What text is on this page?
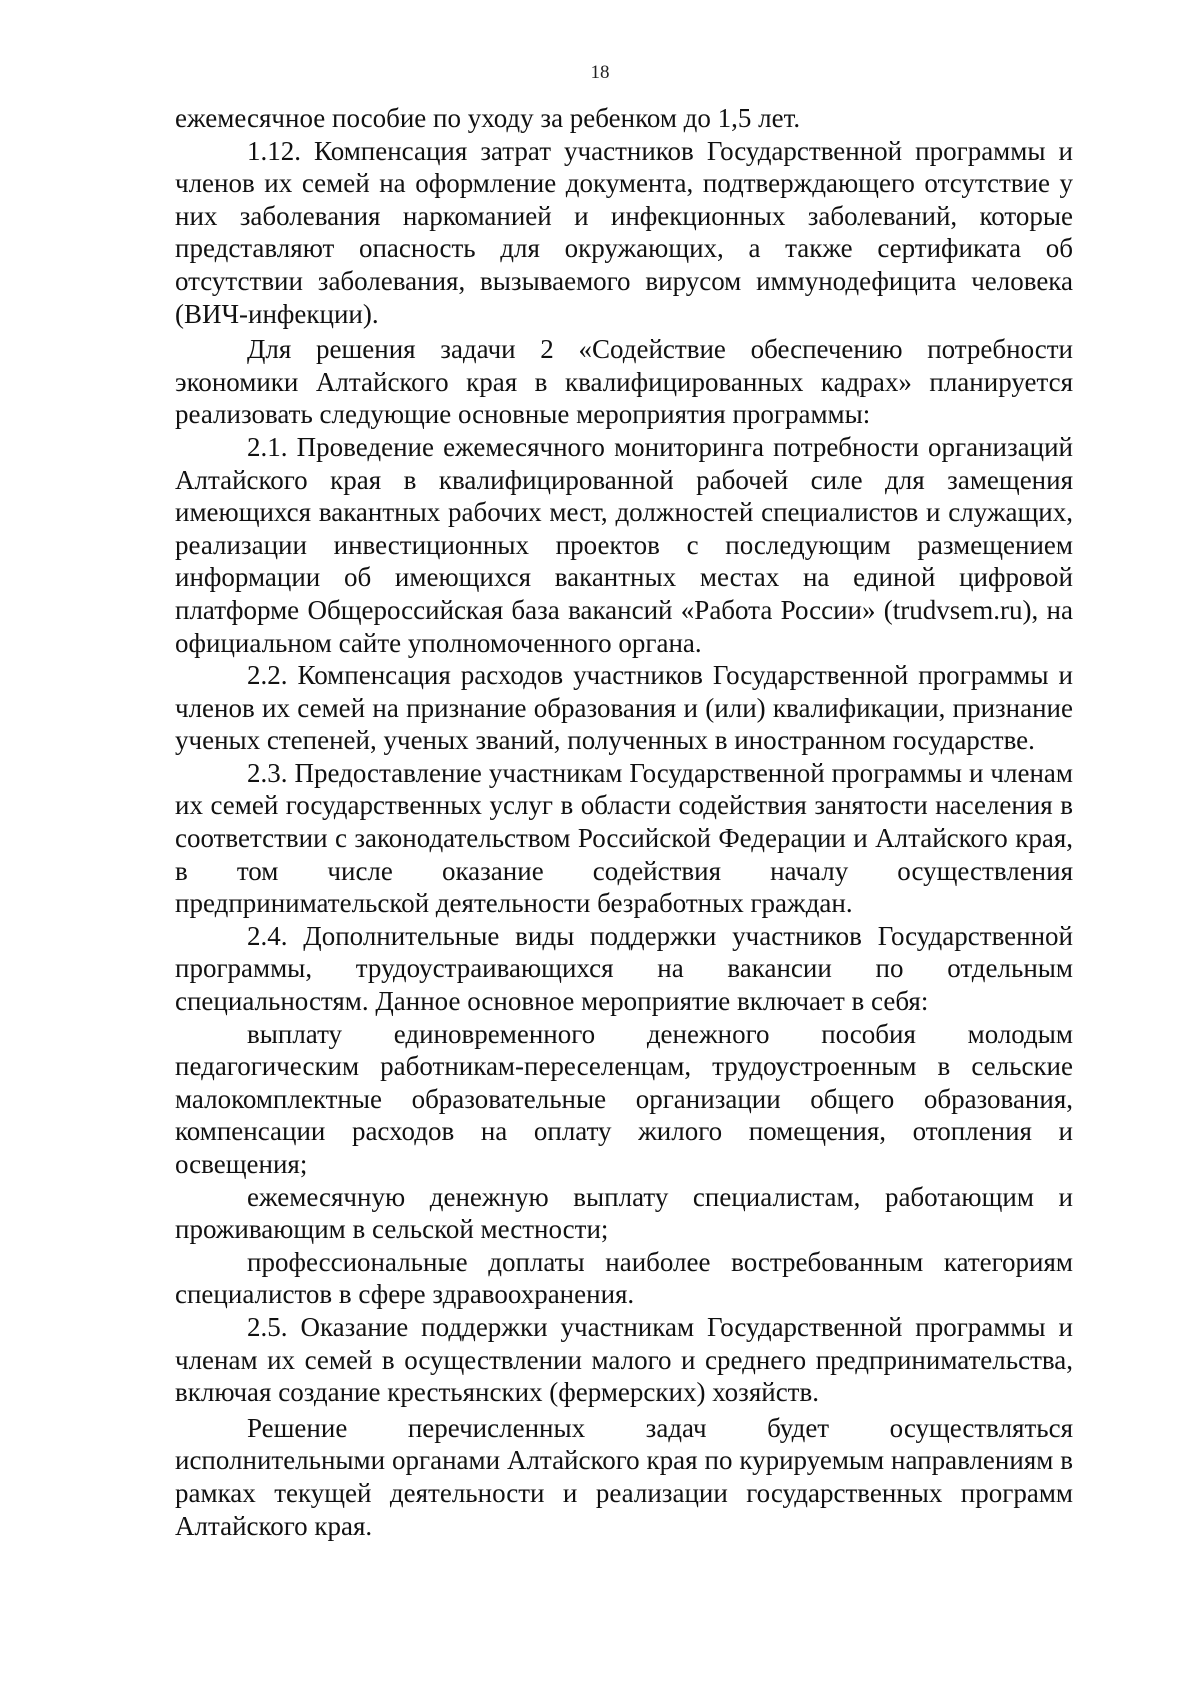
18

ежемесячное пособие по уходу за ребенком до 1,5 лет.

1.12. Компенсация затрат участников Государственной программы и членов их семей на оформление документа, подтверждающего отсутствие у них заболевания наркоманией и инфекционных заболеваний, которые представляют опасность для окружающих, а также сертификата об отсутствии заболевания, вызываемого вирусом иммунодефицита человека (ВИЧ-инфекции).

Для решения задачи 2 «Содействие обеспечению потребности экономики Алтайского края в квалифицированных кадрах» планируется реализовать следующие основные мероприятия программы:

2.1. Проведение ежемесячного мониторинга потребности организаций Алтайского края в квалифицированной рабочей силе для замещения имеющихся вакантных рабочих мест, должностей специалистов и служащих, реализации инвестиционных проектов с последующим размещением информации об имеющихся вакантных местах на единой цифровой платформе Общероссийская база вакансий «Работа России» (trudvsem.ru), на официальном сайте уполномоченного органа.

2.2. Компенсация расходов участников Государственной программы и членов их семей на признание образования и (или) квалификации, признание ученых степеней, ученых званий, полученных в иностранном государстве.

2.3. Предоставление участникам Государственной программы и членам их семей государственных услуг в области содействия занятости населения в соответствии с законодательством Российской Федерации и Алтайского края, в том числе оказание содействия началу осуществления предпринимательской деятельности безработных граждан.

2.4. Дополнительные виды поддержки участников Государственной программы, трудоустраивающихся на вакансии по отдельным специальностям. Данное основное мероприятие включает в себя:

выплату единовременного денежного пособия молодым педагогическим работникам-переселенцам, трудоустроенным в сельские малокомплектные образовательные организации общего образования, компенсации расходов на оплату жилого помещения, отопления и освещения;

ежемесячную денежную выплату специалистам, работающим и проживающим в сельской местности;

профессиональные доплаты наиболее востребованным категориям специалистов в сфере здравоохранения.

2.5. Оказание поддержки участникам Государственной программы и членам их семей в осуществлении малого и среднего предпринимательства, включая создание крестьянских (фермерских) хозяйств.

Решение перечисленных задач будет осуществляться исполнительными органами Алтайского края по курируемым направлениям в рамках текущей деятельности и реализации государственных программ Алтайского края.
